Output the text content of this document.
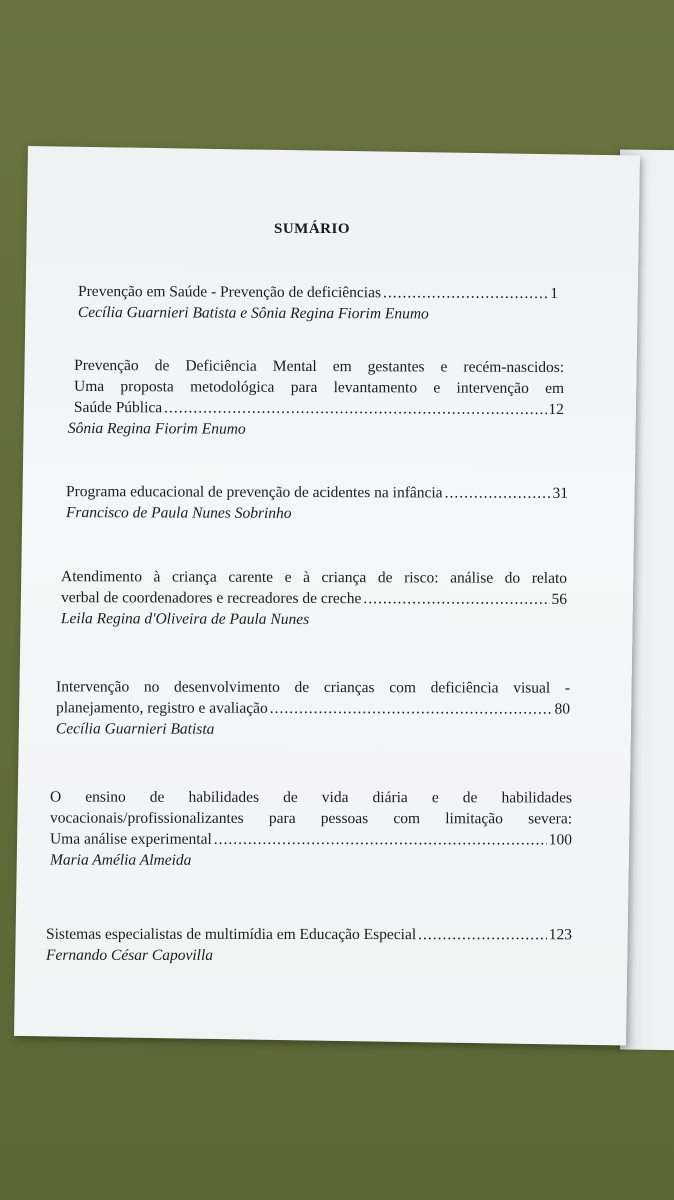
SUMÁRIO
Prevenção em Saúde - Prevenção de deficiências .....	1
Cecília Guarnieri Batista e Sônia Regina Fiorim Enumo
Prevenção de Deficiência Mental em gestantes e recém-nascidos:
Uma proposta metodológica para levantamento e intervenção em
Saúde Pública .....	12
Sônia Regina Fiorim Enumo
Programa educacional de prevenção de acidentes na infância .....	31
Francisco de Paula Nunes Sobrinho
Atendimento à criança carente e à criança de risco: análise do relato
verbal de coordenadores e recreadores de creche .....	56
Leila Regina d'Oliveira de Paula Nunes
Intervenção no desenvolvimento de crianças com deficiência visual -
planejamento, registro e avaliação .....	80
Cecília Guarnieri Batista
O ensino de habilidades de vida diária e de habilidades
vocacionais/profissionalizantes para pessoas com limitação severa:
Uma análise experimental .....	100
Maria Amélia Almeida
Sistemas especialistas de multimídia em Educação Especial .....	123
Fernando César Capovilla
